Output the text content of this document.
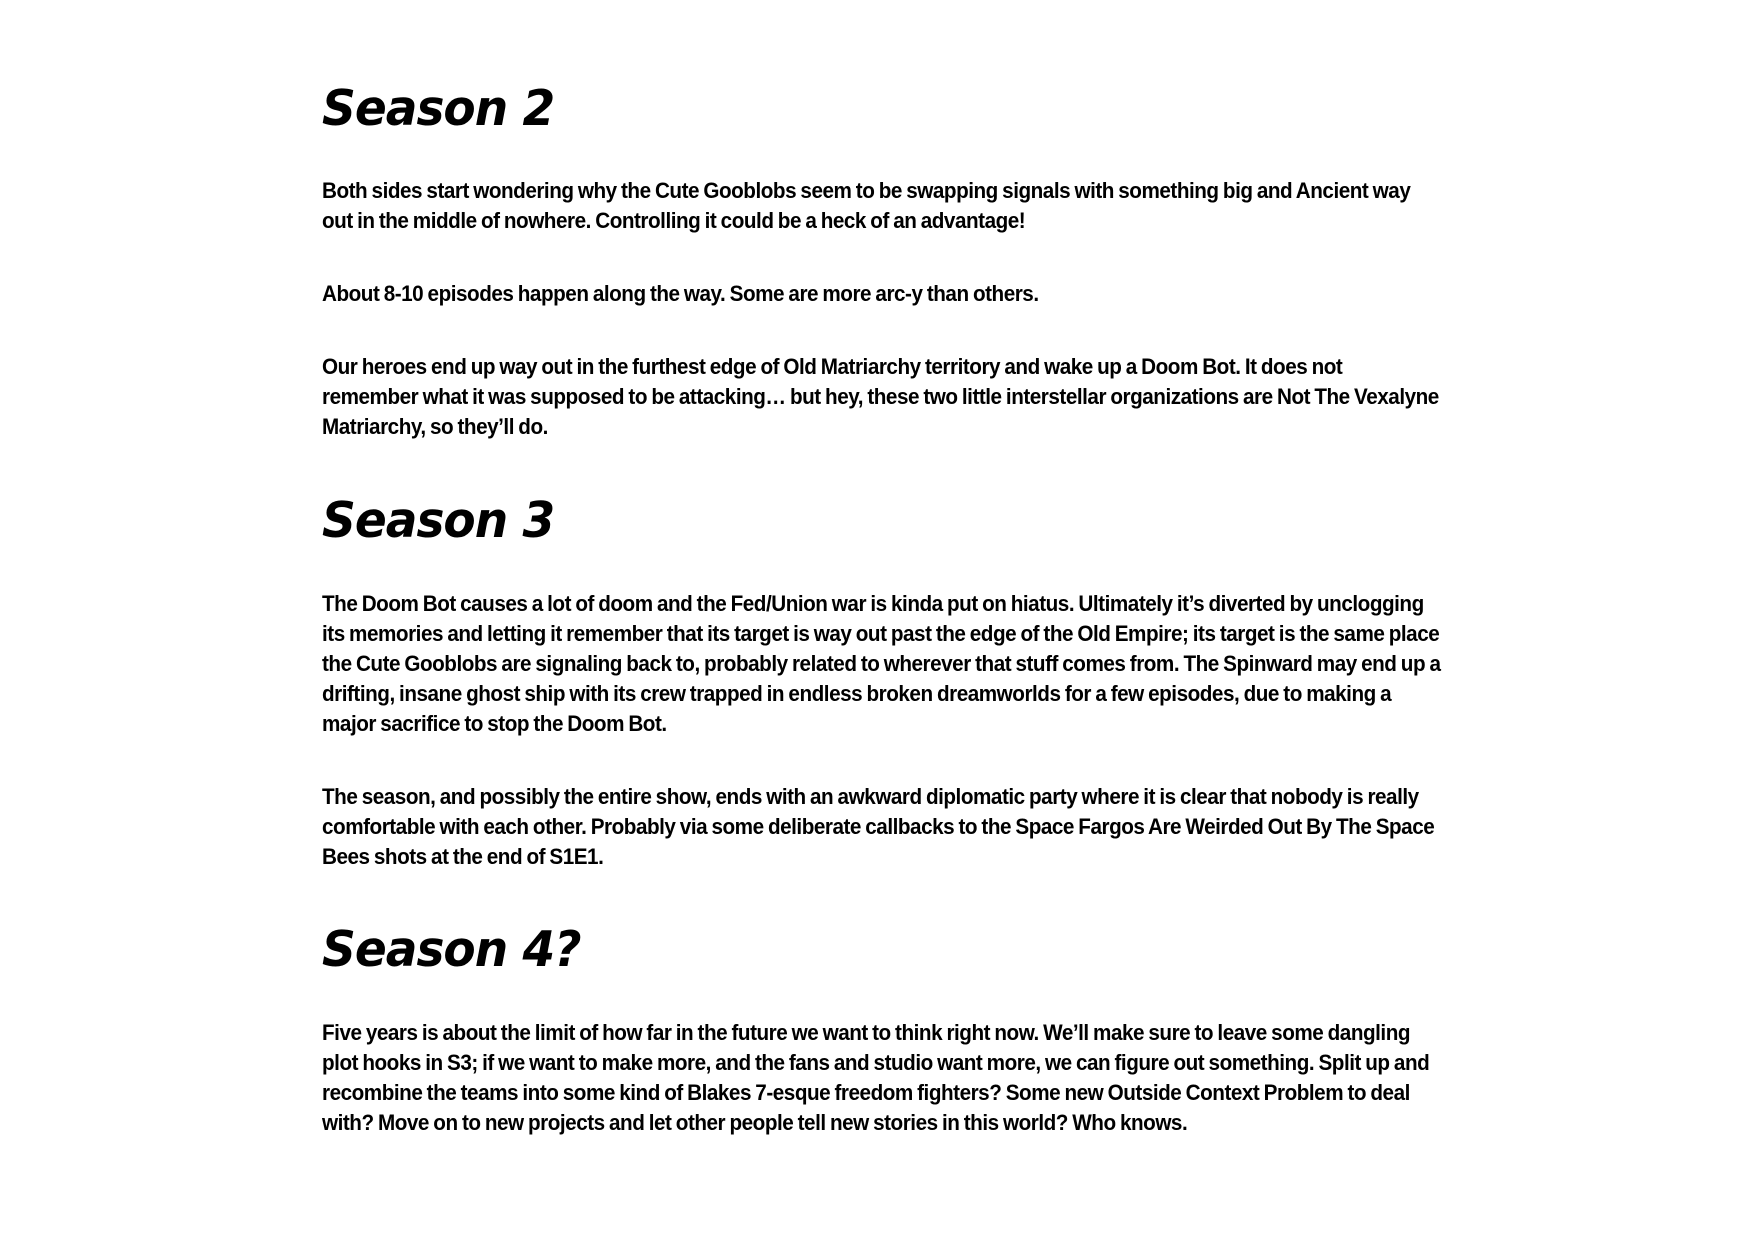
Season 2

Both sides start wondering why the Cute Gooblobs seem to be swapping signals with something big and Ancient way out in the middle of nowhere. Controlling it could be a heck of an advantage!

About 8-10 episodes happen along the way. Some are more arc-y than others.

Our heroes end up way out in the furthest edge of Old Matriarchy territory and wake up a Doom Bot. It does not remember what it was supposed to be attacking… but hey, these two little interstellar organizations are Not The Vexalyne Matriarchy, so they’ll do.

Season 3

The Doom Bot causes a lot of doom and the Fed/Union war is kinda put on hiatus. Ultimately it’s diverted by unclogging its memories and letting it remember that its target is way out past the edge of the Old Empire; its target is the same place the Cute Gooblobs are signaling back to, probably related to wherever that stuff comes from. The Spinward may end up a drifting, insane ghost ship with its crew trapped in endless broken dreamworlds for a few episodes, due to making a major sacrifice to stop the Doom Bot.

The season, and possibly the entire show, ends with an awkward diplomatic party where it is clear that nobody is really comfortable with each other. Probably via some deliberate callbacks to the Space Fargos Are Weirded Out By The Space Bees shots at the end of S1E1.

Season 4?

Five years is about the limit of how far in the future we want to think right now. We’ll make sure to leave some dangling plot hooks in S3; if we want to make more, and the fans and studio want more, we can figure out something. Split up and recombine the teams into some kind of Blakes 7-esque freedom fighters? Some new Outside Context Problem to deal with? Move on to new projects and let other people tell new stories in this world? Who knows.
